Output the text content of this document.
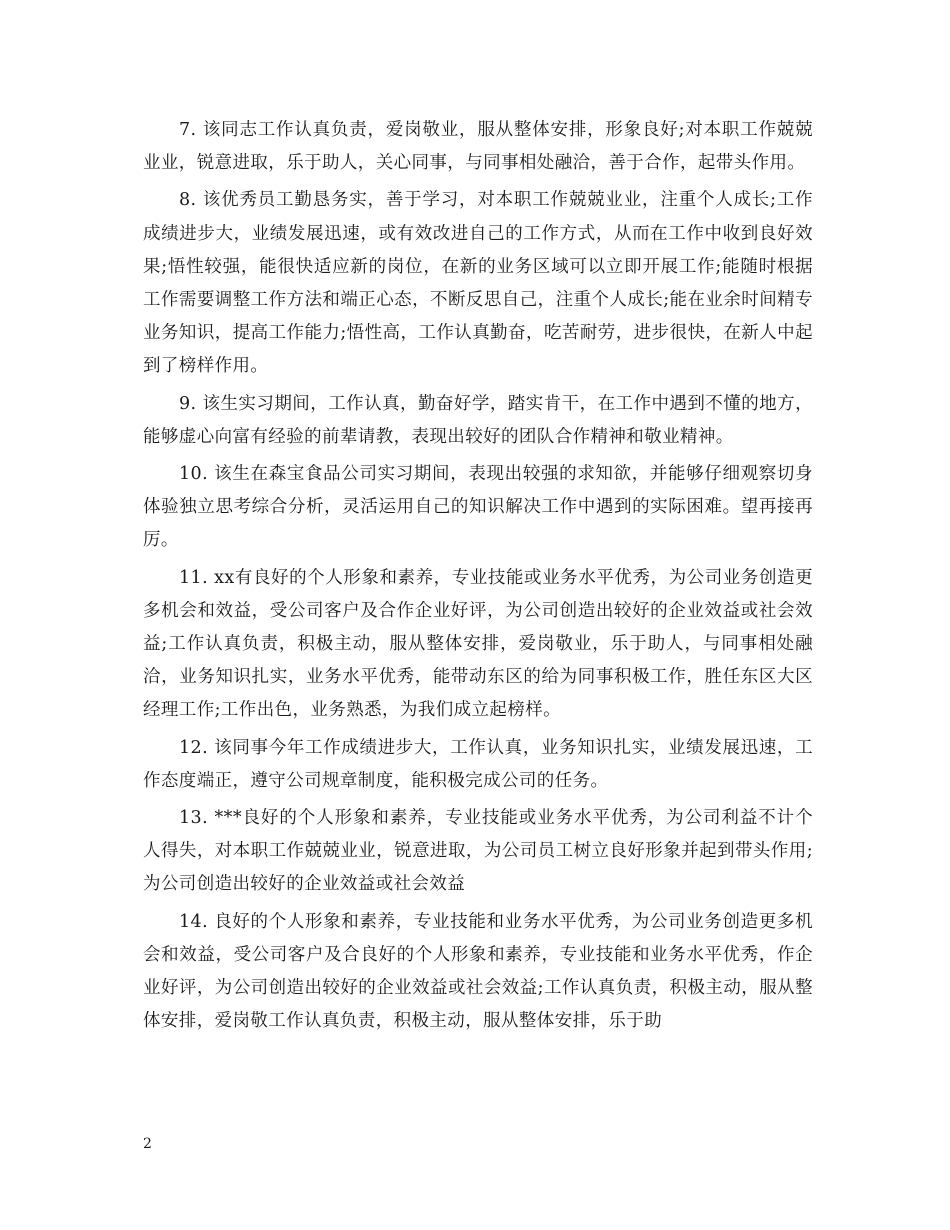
7. 该同志工作认真负责，爱岗敬业，服从整体安排，形象良好;对本职工作兢兢业业，锐意进取，乐于助人，关心同事，与同事相处融洽，善于合作，起带头作用。

8. 该优秀员工勤恳务实，善于学习，对本职工作兢兢业业，注重个人成长;工作成绩进步大，业绩发展迅速，或有效改进自己的工作方式，从而在工作中收到良好效果;悟性较强，能很快适应新的岗位，在新的业务区域可以立即开展工作;能随时根据工作需要调整工作方法和端正心态，不断反思自己，注重个人成长;能在业余时间精专业务知识，提高工作能力;悟性高，工作认真勤奋，吃苦耐劳，进步很快，在新人中起到了榜样作用。

9. 该生实习期间，工作认真，勤奋好学，踏实肯干，在工作中遇到不懂的地方，能够虚心向富有经验的前辈请教，表现出较好的团队合作精神和敬业精神。

10. 该生在森宝食品公司实习期间，表现出较强的求知欲，并能够仔细观察切身体验独立思考综合分析，灵活运用自己的知识解决工作中遇到的实际困难。望再接再厉。

11. xx有良好的个人形象和素养，专业技能或业务水平优秀，为公司业务创造更多机会和效益，受公司客户及合作企业好评，为公司创造出较好的企业效益或社会效益;工作认真负责，积极主动，服从整体安排，爱岗敬业，乐于助人，与同事相处融洽，业务知识扎实，业务水平优秀，能带动东区的给为同事积极工作，胜任东区大区经理工作;工作出色，业务熟悉，为我们成立起榜样。

12. 该同事今年工作成绩进步大，工作认真，业务知识扎实，业绩发展迅速，工作态度端正，遵守公司规章制度，能积极完成公司的任务。

13. ***良好的个人形象和素养，专业技能或业务水平优秀，为公司利益不计个人得失，对本职工作兢兢业业，锐意进取，为公司员工树立良好形象并起到带头作用;为公司创造出较好的企业效益或社会效益

14. 良好的个人形象和素养，专业技能和业务水平优秀，为公司业务创造更多机会和效益，受公司客户及合良好的个人形象和素养，专业技能和业务水平优秀，作企业好评，为公司创造出较好的企业效益或社会效益;工作认真负责，积极主动，服从整体安排，爱岗敬工作认真负责，积极主动，服从整体安排，乐于助

2
